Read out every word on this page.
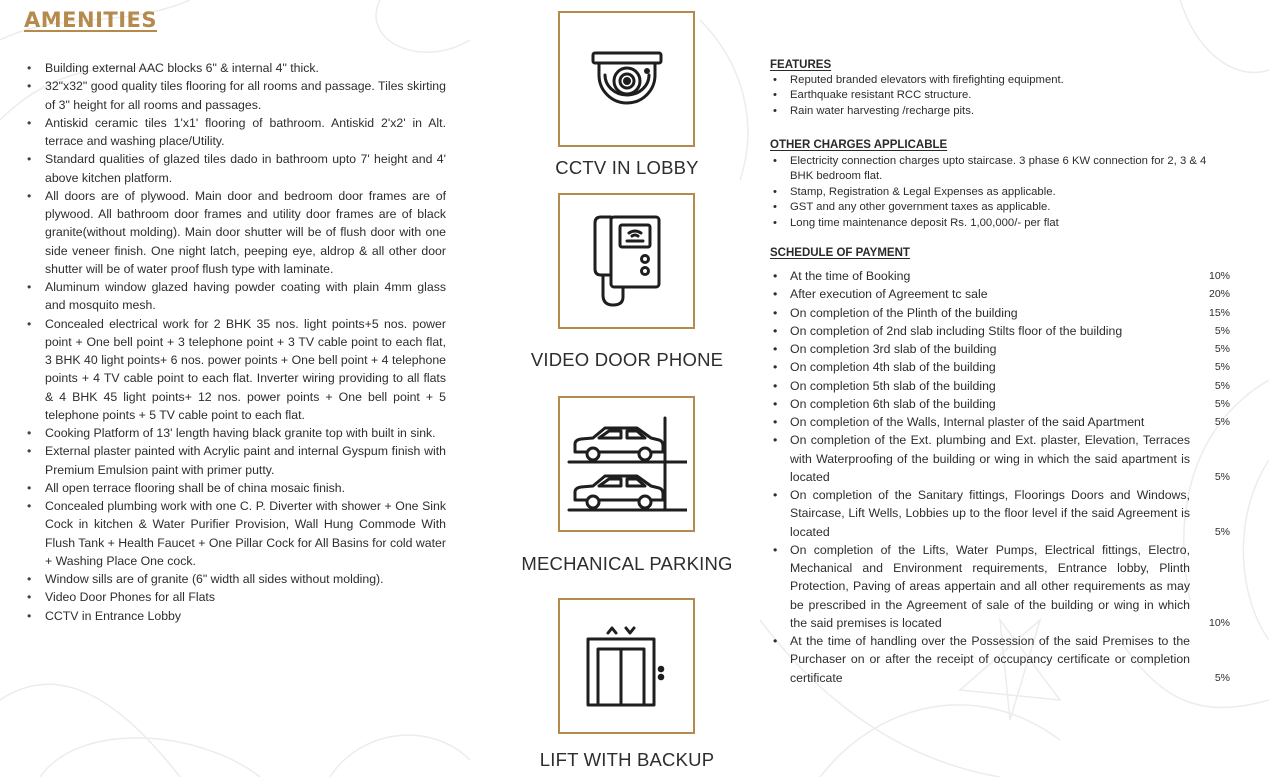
AMENITIES
• Building external AAC blocks 6" & internal 4" thick.
• 32"x32" good quality tiles flooring for all rooms and passage. Tiles skirting of 3" height for all rooms and passages.
• Antiskid ceramic tiles 1'x1' flooring of bathroom. Antiskid 2'x2' in Alt. terrace and washing place/Utility.
• Standard qualities of glazed tiles dado in bathroom upto 7' height and 4' above kitchen platform.
• All doors are of plywood. Main door and bedroom door frames are of plywood. All bathroom door frames and utility door frames are of black granite(without molding). Main door shutter will be of flush door with one side veneer finish. One night latch, peeping eye, aldrop & all other door shutter will be of water proof flush type with laminate.
• Aluminum window glazed having powder coating with plain 4mm glass and mosquito mesh.
• Concealed electrical work for 2 BHK 35 nos. light points+5 nos. power point + One bell point + 3 telephone point + 3 TV cable point to each flat, 3 BHK 40 light points+ 6 nos. power points + One bell point + 4 telephone points + 4 TV cable point to each flat. Inverter wiring providing to all flats & 4 BHK 45 light points+ 12 nos. power points + One bell point + 5 telephone points + 5 TV cable point to each flat.
• Cooking Platform of 13' length having black granite top with built in sink.
• External plaster painted with Acrylic paint and internal Gyspum finish with Premium Emulsion paint with primer putty.
• All open terrace flooring shall be of china mosaic finish.
• Concealed plumbing work with one C. P. Diverter with shower + One Sink Cock in kitchen & Water Purifier Provision, Wall Hung Commode With Flush Tank + Health Faucet + One Pillar Cock for All Basins for cold water + Washing Place One cock.
• Window sills are of granite (6" width all sides without molding).
• Video Door Phones for all Flats
• CCTV in Entrance Lobby
CCTV IN LOBBY
VIDEO DOOR PHONE
MECHANICAL PARKING
LIFT WITH BACKUP
FEATURES
• Reputed branded elevators with firefighting equipment.
• Earthquake resistant RCC structure.
• Rain water harvesting /recharge pits.
OTHER CHARGES APPLICABLE
• Electricity connection charges upto staircase. 3 phase 6 KW connection for 2, 3 & 4 BHK bedroom flat.
• Stamp, Registration & Legal Expenses as applicable.
• GST and any other government taxes as applicable.
• Long time maintenance deposit Rs. 1,00,000/- per flat
SCHEDULE OF PAYMENT
• At the time of Booking	10%
• After execution of Agreement tc sale	20%
• On completion of the Plinth of the building	15%
• On completion of 2nd slab including Stilts floor of the building	5%
• On completion 3rd slab of the building	5%
• On completion 4th slab of the building	5%
• On completion 5th slab of the building	5%
• On completion 6th slab of the building	5%
• On completion of the Walls, Internal plaster of the said Apartment	5%
• On completion of the Ext. plumbing and Ext. plaster, Elevation, Terraces with Waterproofing of the building or wing in which the said apartment is located	5%
• On completion of the Sanitary fittings, Floorings Doors and Windows, Staircase, Lift Wells, Lobbies up to the floor level if the said Agreement is located	5%
• On completion of the Lifts, Water Pumps, Electrical fittings, Electro, Mechanical and Environment requirements, Entrance lobby, Plinth Protection, Paving of areas appertain and all other requirements as may be prescribed in the Agreement of sale of the building or wing in which the said premises is located	10%
• At the time of handling over the Possession of the said Premises to the Purchaser on or after the receipt of occupancy certificate or completion certificate	5%
